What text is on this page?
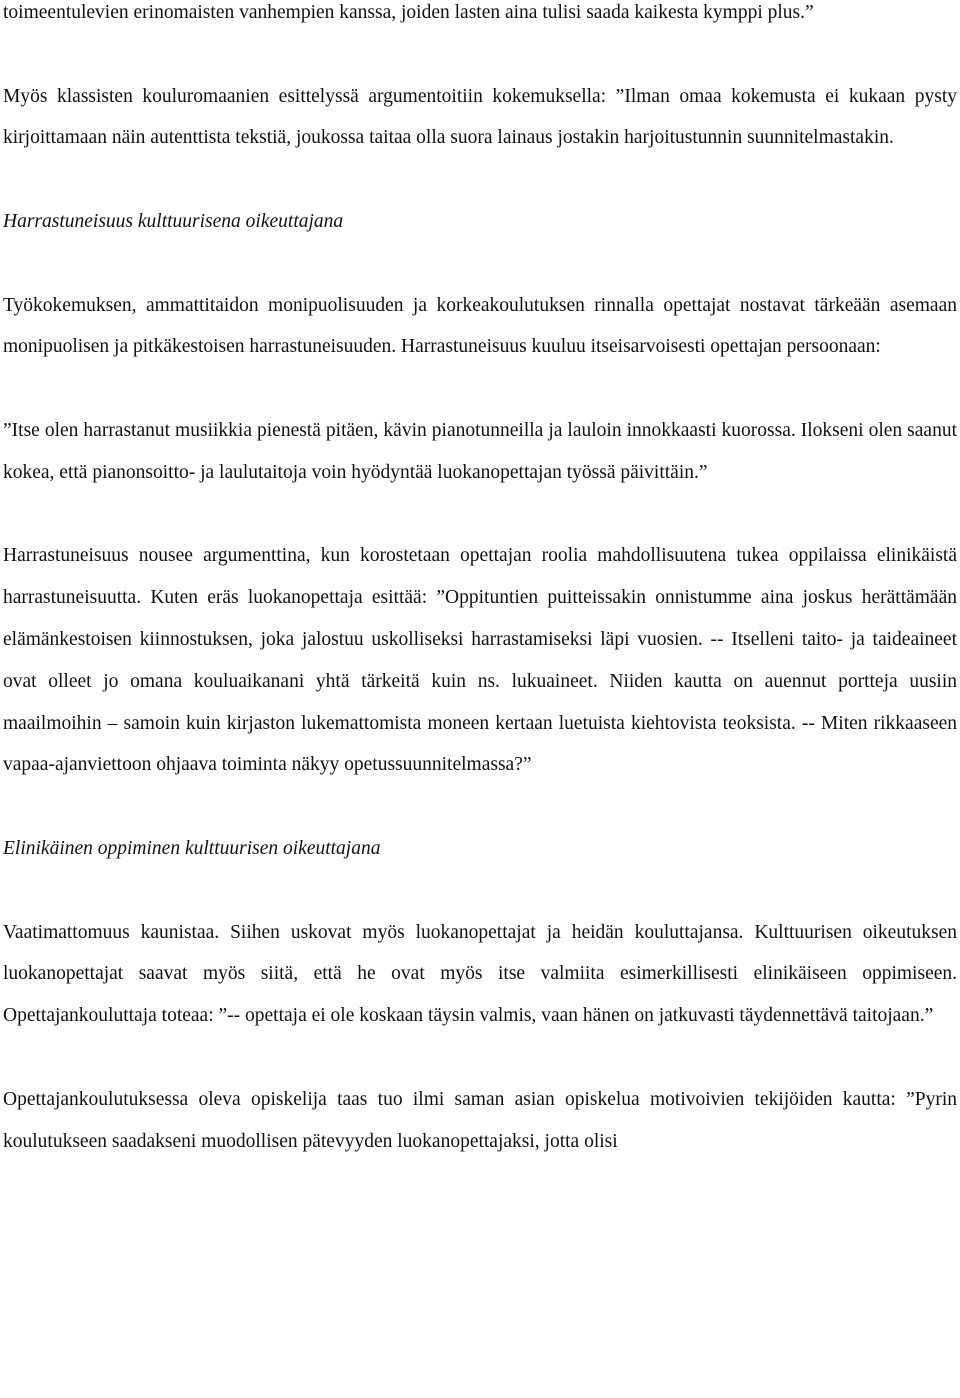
toimeentulevien erinomaisten vanhempien kanssa, joiden lasten aina tulisi saada kaikesta kymppi plus.”

Myös klassisten kouluromaanien esittelyssä argumentoitiin kokemuksella: ”Ilman omaa kokemusta ei kukaan pysty kirjoittamaan näin autenttista tekstiä, joukossa taitaa olla suora lainaus jostakin harjoitustunnin suunnitelmastakin.

Harrastuneisuus kulttuurisena oikeuttajana

Työkokemuksen, ammattitaidon monipuolisuuden ja korkeakoulutuksen rinnalla opettajat nostavat tärkeään asemaan monipuolisen ja pitkäkestoisen harrastuneisuuden. Harrastuneisuus kuuluu itseisarvoisesti opettajan persoonaan:

”Itse olen harrastanut musiikkia pienestä pitäen, kävin pianotunneilla ja lauloin innokkaasti kuorossa. Ilokseni olen saanut kokea, että pianonsoitto- ja laulutaitoja voin hyödyntää luokanopettajan työssä päivittäin.”

Harrastuneisuus nousee argumenttina, kun korostetaan opettajan roolia mahdollisuutena tukea oppilaissa elinikäistä harrastuneisuutta. Kuten eräs luokanopettaja esittää: ”Oppituntien puitteissakin onnistumme aina joskus herättämään elämänkestoisen kiinnostuksen, joka jalostuu uskolliseksi harrastamiseksi läpi vuosien. -- Itselleni taito- ja taideaineet ovat olleet jo omana kouluaikanani yhtä tärkeitä kuin ns. lukuaineet. Niiden kautta on auennut portteja uusiin maailmoihin – samoin kuin kirjaston lukemattomista moneen kertaan luetuista kiehtovista teoksista. -- Miten rikkaaseen vapaa-ajanviettoon ohjaava toiminta näkyy opetussuunnitelmassa?”

Elinikäinen oppiminen kulttuurisen oikeuttajana

Vaatimattomuus kaunistaa. Siihen uskovat myös luokanopettajat ja heidän kouluttajansa. Kulttuurisen oikeutuksen luokanopettajat saavat myös siitä, että he ovat myös itse valmiita esimerkillisesti elinikäiseen oppimiseen. Opettajankouluttaja toteaa: ”-- opettaja ei ole koskaan täysin valmis, vaan hänen on jatkuvasti täydennettävä taitojaan.”

Opettajankoulutuksessa oleva opiskelija taas tuo ilmi saman asian opiskelua motivoivien tekijöiden kautta: ”Pyrin koulutukseen saadakseni muodollisen pätevyyden luokanopettajaksi, jotta olisi
